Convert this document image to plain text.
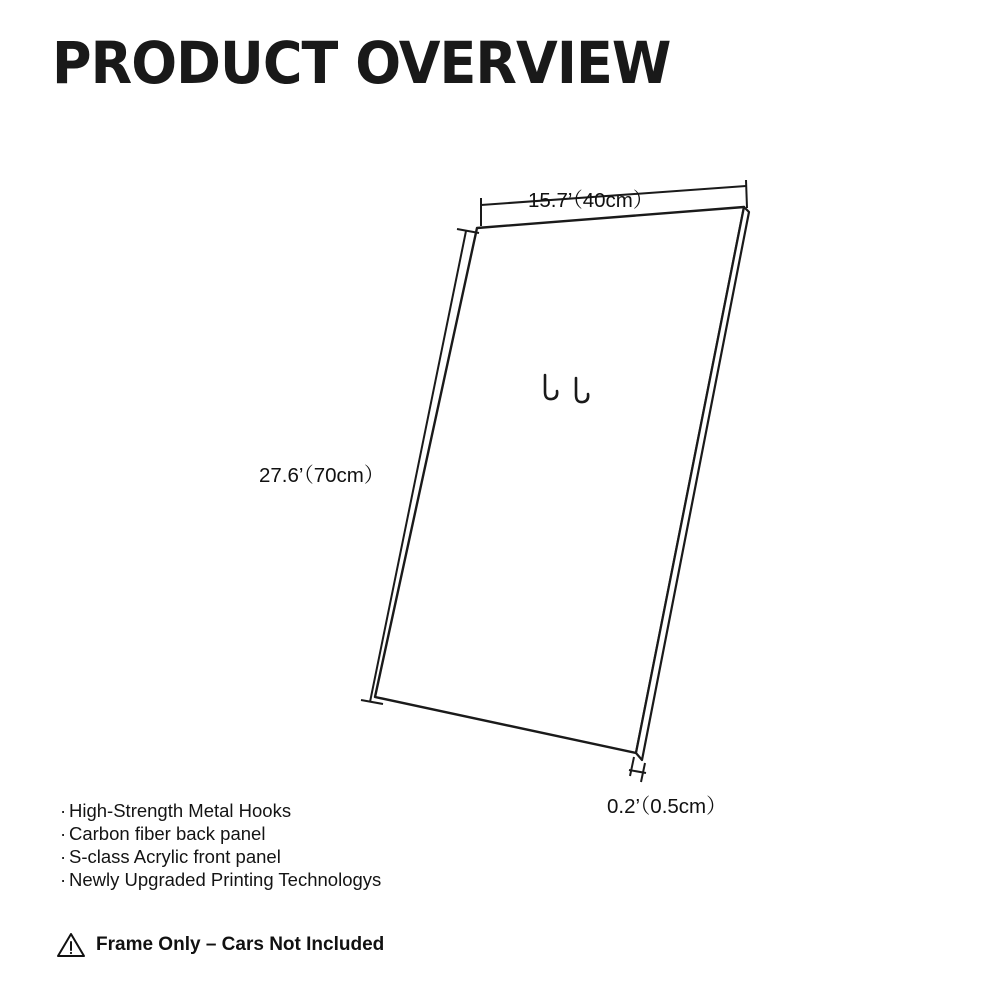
PRODUCT OVERVIEW
15.7’（40cm）
27.6’（70cm）
0.2’（0.5cm）
· High-Strength Metal Hooks
· Carbon fiber back panel
· S-class Acrylic front panel
· Newly Upgraded Printing Technologys
Frame Only – Cars Not Included
